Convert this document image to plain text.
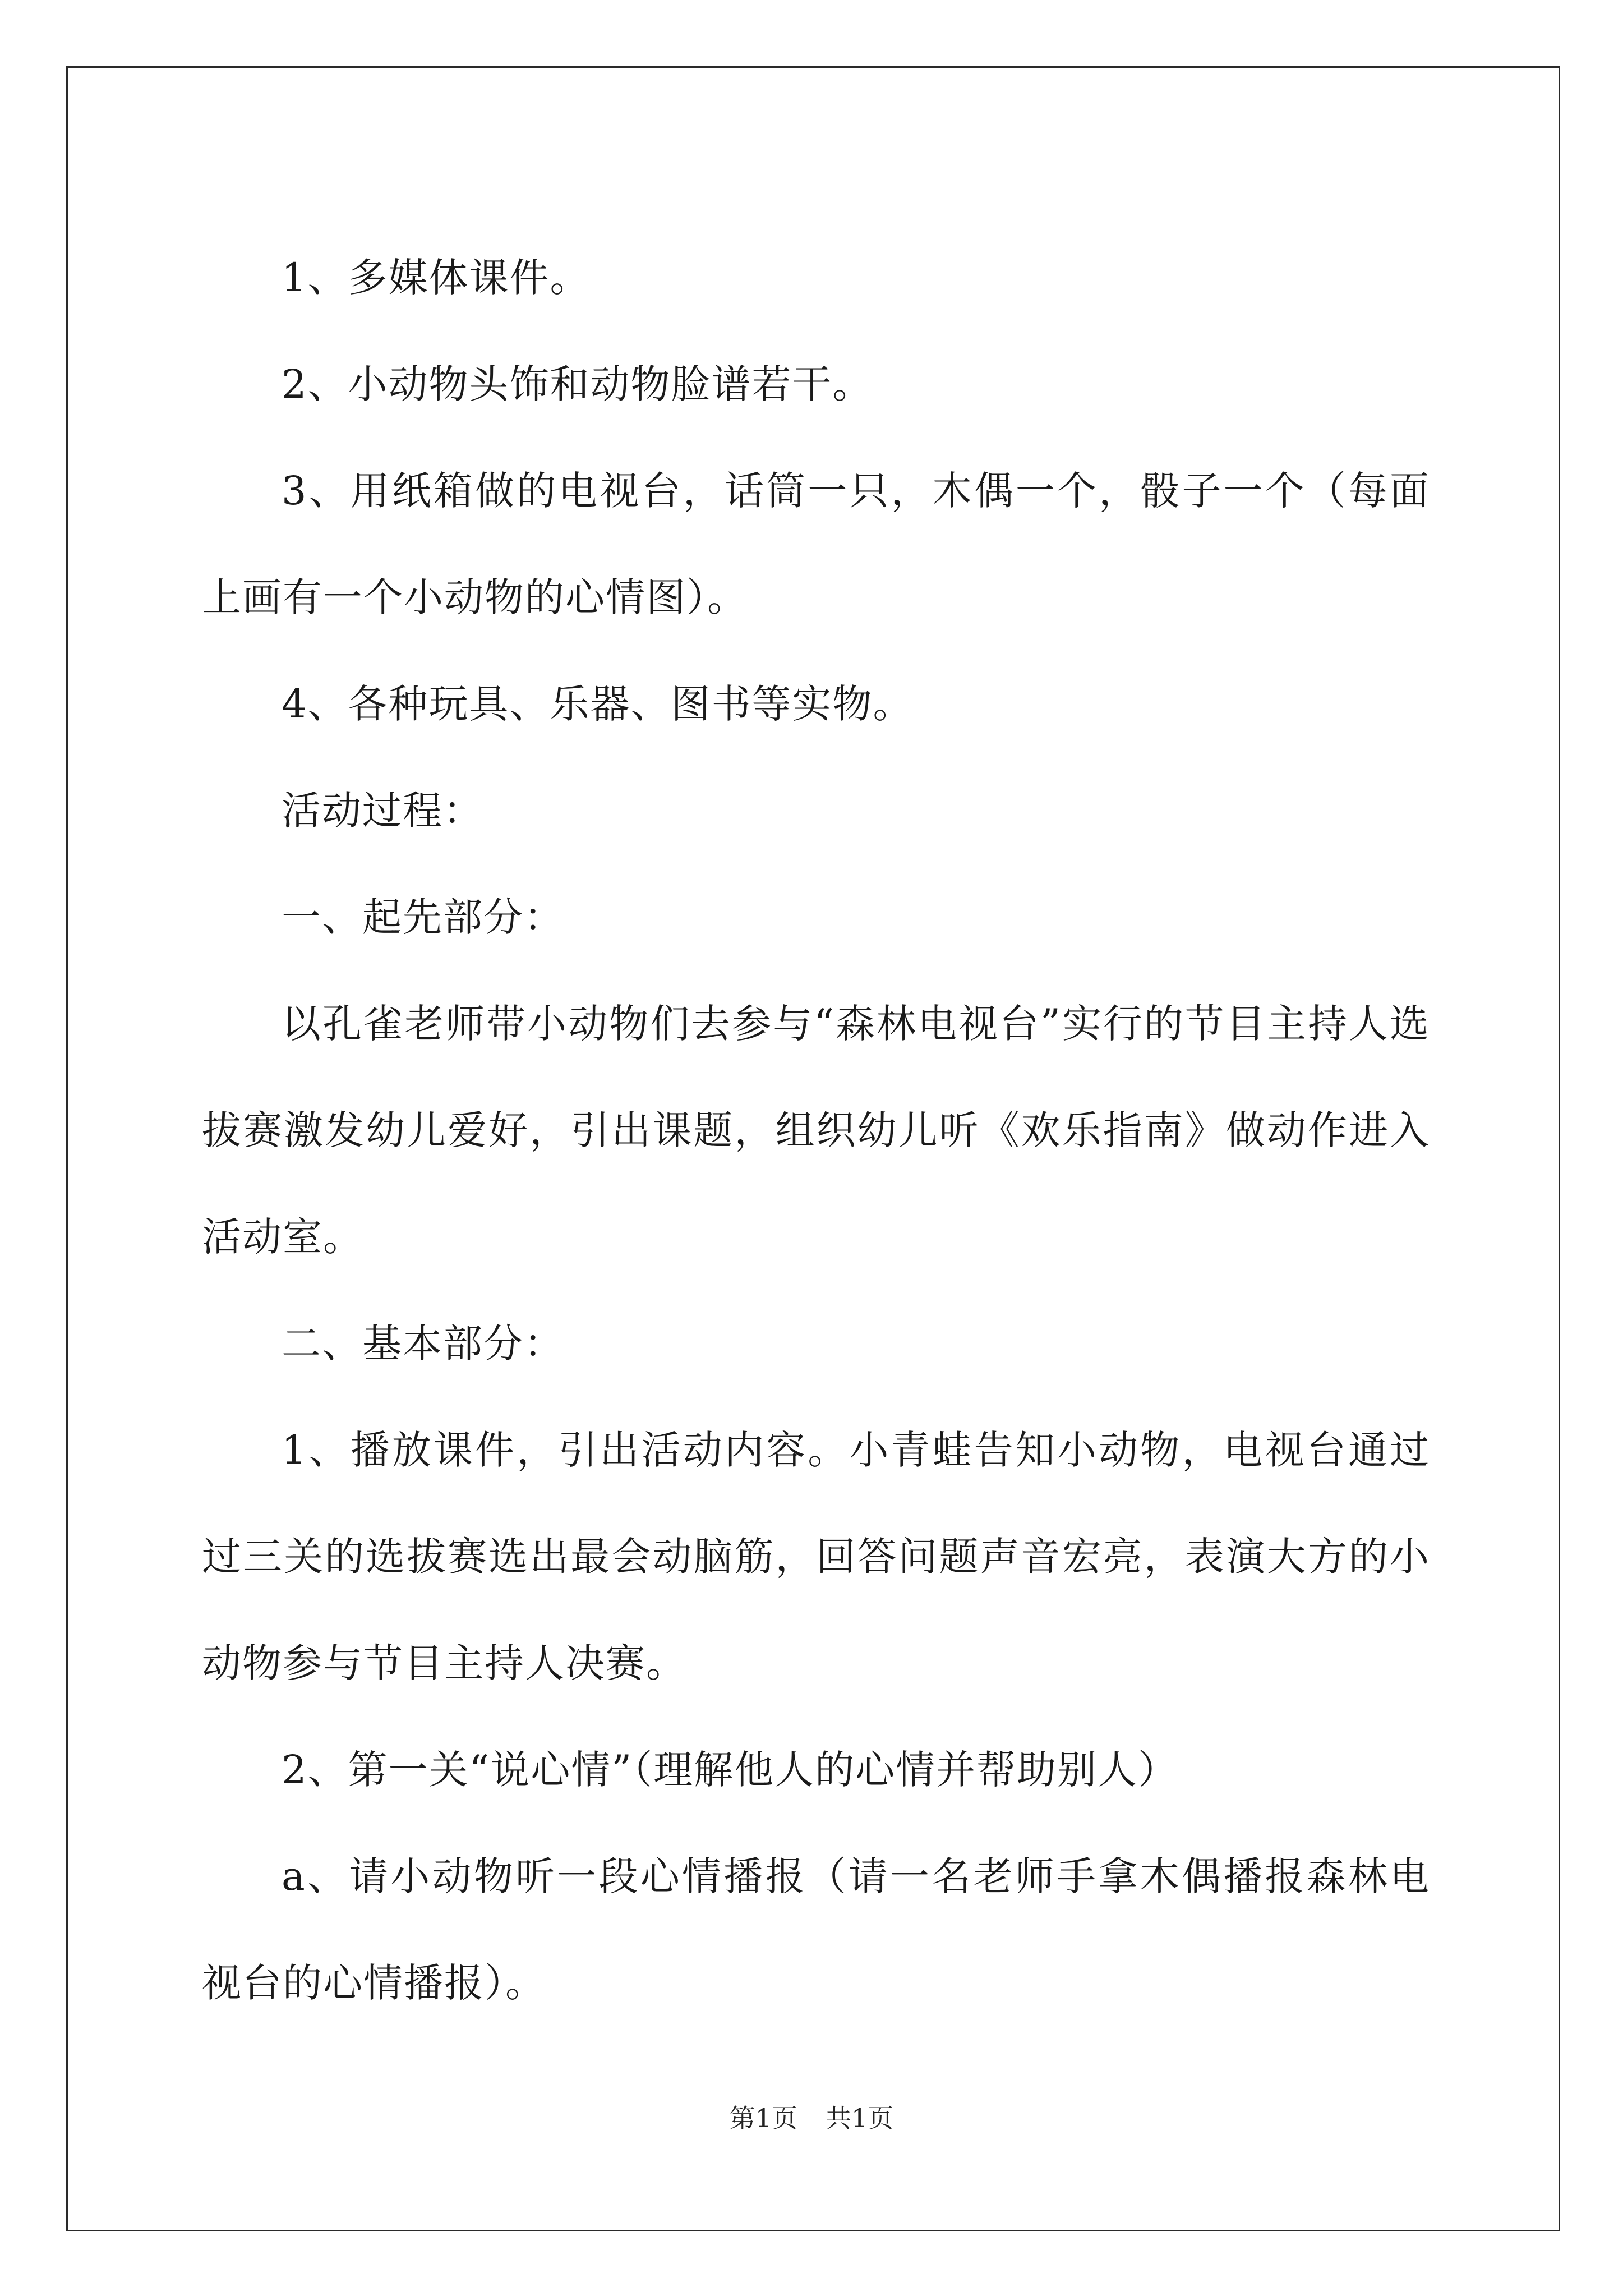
1、多媒体课件。

2、小动物头饰和动物脸谱若干。

3、用纸箱做的电视台，话筒一只，木偶一个，骰子一个（每面上画有一个小动物的心情图）。

4、各种玩具、乐器、图书等实物。

活动过程：

一、起先部分：

以孔雀老师带小动物们去参与“森林电视台”实行的节目主持人选拔赛激发幼儿爱好，引出课题，组织幼儿听《欢乐指南》做动作进入活动室。

二、基本部分：

1、播放课件，引出活动内容。小青蛙告知小动物，电视台通过过三关的选拔赛选出最会动脑筋，回答问题声音宏亮，表演大方的小动物参与节目主持人决赛。

2、第一关“说心情”（理解他人的心情并帮助别人）

a、请小动物听一段心情播报（请一名老师手拿木偶播报森林电视台的心情播报）。

第1页 共1页
